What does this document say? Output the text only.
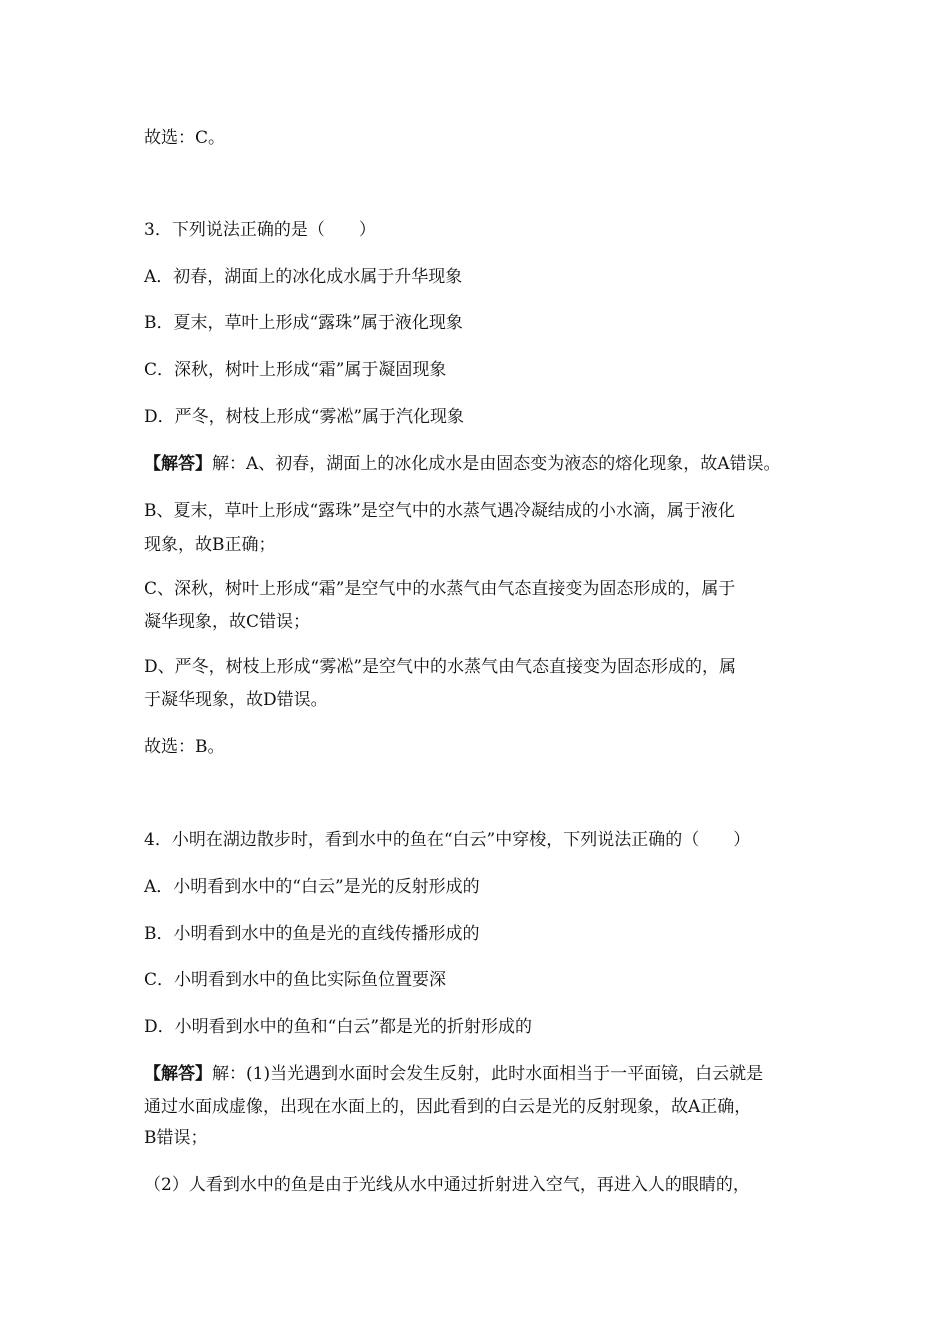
故选：C。
3．下列说法正确的是（　　）
A．初春，湖面上的冰化成水属于升华现象
B．夏末，草叶上形成“露珠”属于液化现象
C．深秋，树叶上形成“霜”属于凝固现象
D．严冬，树枝上形成“雾凇”属于汽化现象
【解答】解：A、初春，湖面上的冰化成水是由固态变为液态的熔化现象，故A错误。
B、夏末，草叶上形成“露珠”是空气中的水蒸气遇冷凝结成的小水滴，属于液化
现象，故B正确；
C、深秋，树叶上形成“霜”是空气中的水蒸气由气态直接变为固态形成的，属于
凝华现象，故C错误；
D、严冬，树枝上形成“雾凇”是空气中的水蒸气由气态直接变为固态形成的，属
于凝华现象，故D错误。
故选：B。
4．小明在湖边散步时，看到水中的鱼在“白云”中穿梭，下列说法正确的（　　）
A．小明看到水中的“白云”是光的反射形成的
B．小明看到水中的鱼是光的直线传播形成的
C．小明看到水中的鱼比实际鱼位置要深
D．小明看到水中的鱼和“白云”都是光的折射形成的
【解答】解：(1)当光遇到水面时会发生反射，此时水面相当于一平面镜，白云就是
通过水面成虚像，出现在水面上的，因此看到的白云是光的反射现象，故A正确，
B错误；
（2）人看到水中的鱼是由于光线从水中通过折射进入空气，再进入人的眼睛的，
